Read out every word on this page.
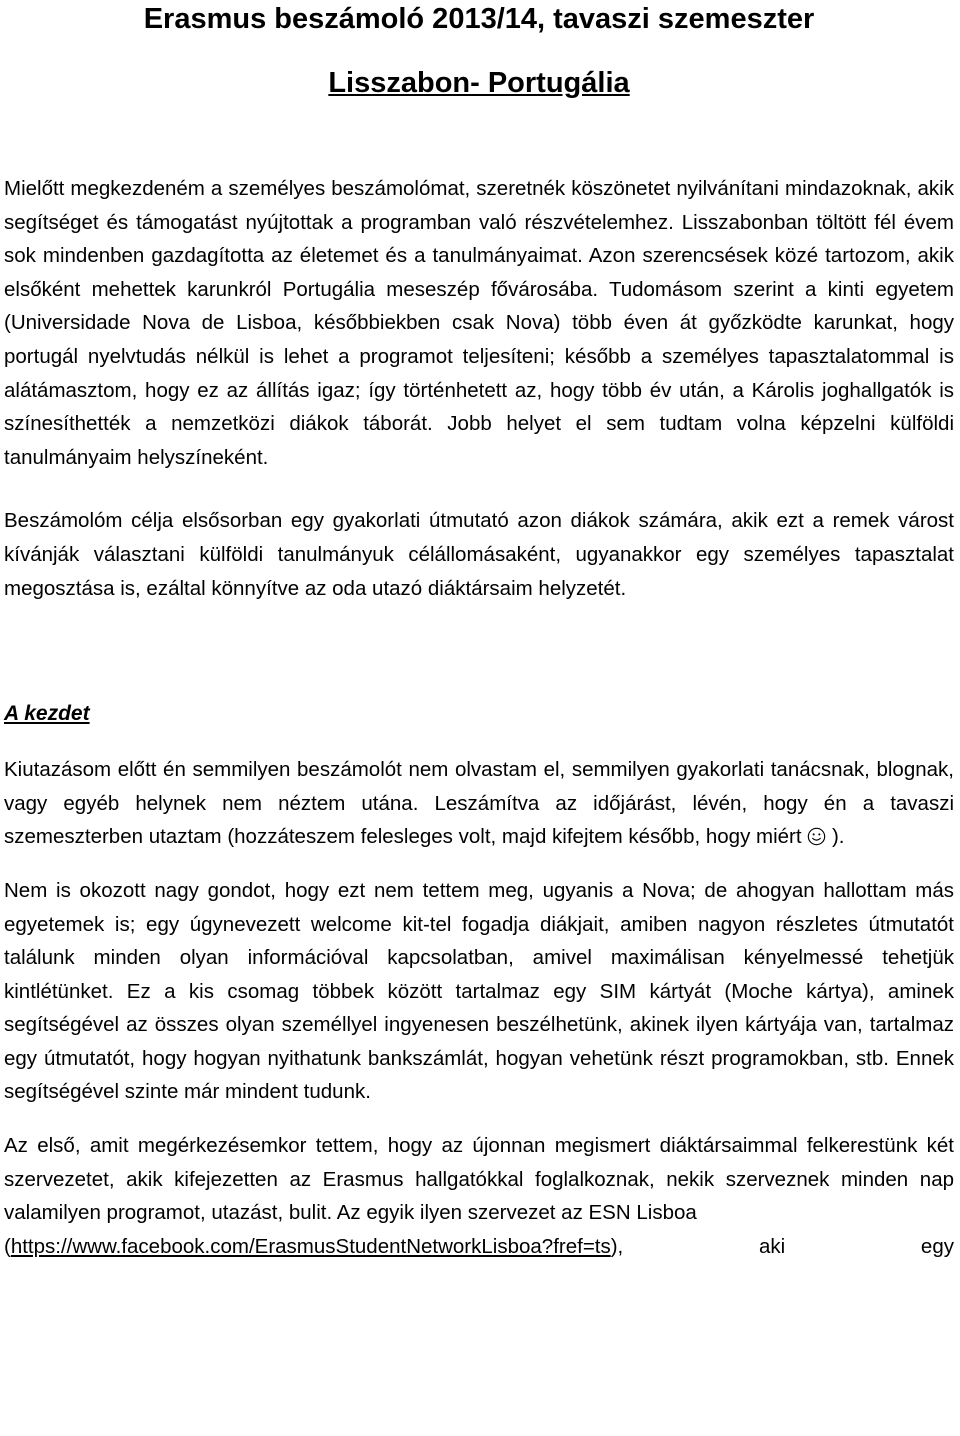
Erasmus beszámoló 2013/14, tavaszi szemeszter
Lisszabon- Portugália

Mielőtt megkezdeném a személyes beszámolómat, szeretnék köszönetet nyilvánítani mindazoknak, akik segítséget és támogatást nyújtottak a programban való részvételemhez. Lisszabonban töltött fél évem sok mindenben gazdagította az életemet és a tanulmányaimat. Azon szerencsések közé tartozom, akik elsőként mehettek karunkról Portugália meseszép fővárosába. Tudomásom szerint a kinti egyetem (Universidade Nova de Lisboa, későbbiekben csak Nova) több éven át győzködte karunkat, hogy portugál nyelvtudás nélkül is lehet a programot teljesíteni; később a személyes tapasztalatommal is alátámasztom, hogy ez az állítás igaz; így történhetett az, hogy több év után, a Károlis joghallgatók is színesíthették a nemzetközi diákok táborát. Jobb helyet el sem tudtam volna képzelni külföldi tanulmányaim helyszíneként.

Beszámolóm célja elsősorban egy gyakorlati útmutató azon diákok számára, akik ezt a remek várost kívánják választani külföldi tanulmányuk célállomásaként, ugyanakkor egy személyes tapasztalat megosztása is, ezáltal könnyítve az oda utazó diáktársaim helyzetét.

A kezdet

Kiutazásom előtt én semmilyen beszámolót nem olvastam el, semmilyen gyakorlati tanácsnak, blognak, vagy egyéb helynek nem néztem utána. Leszámítva az időjárást, lévén, hogy én a tavaszi szemeszterben utaztam (hozzáteszem felesleges volt, majd kifejtem később, hogy miért  ).

Nem is okozott nagy gondot, hogy ezt nem tettem meg, ugyanis a Nova; de ahogyan hallottam más egyetemek is; egy úgynevezett welcome kit-tel fogadja diákjait, amiben nagyon részletes útmutatót találunk minden olyan információval kapcsolatban, amivel maximálisan kényelmessé tehetjük kintlétünket. Ez a kis csomag többek között tartalmaz egy SIM kártyát (Moche kártya), aminek segítségével az összes olyan személlyel ingyenesen beszélhetünk, akinek ilyen kártyája van, tartalmaz egy útmutatót, hogy hogyan nyithatunk bankszámlát, hogyan vehetünk részt programokban, stb. Ennek segítségével szinte már mindent tudunk.

Az első, amit megérkezésemkor tettem, hogy az újonnan megismert diáktársaimmal felkerestünk két szervezetet, akik kifejezetten az Erasmus hallgatókkal foglalkoznak, nekik szerveznek minden nap valamilyen programot, utazást, bulit. Az egyik ilyen szervezet az ESN Lisboa

(https://www.facebook.com/ErasmusStudentNetworkLisboa?fref=ts),	aki	egy
